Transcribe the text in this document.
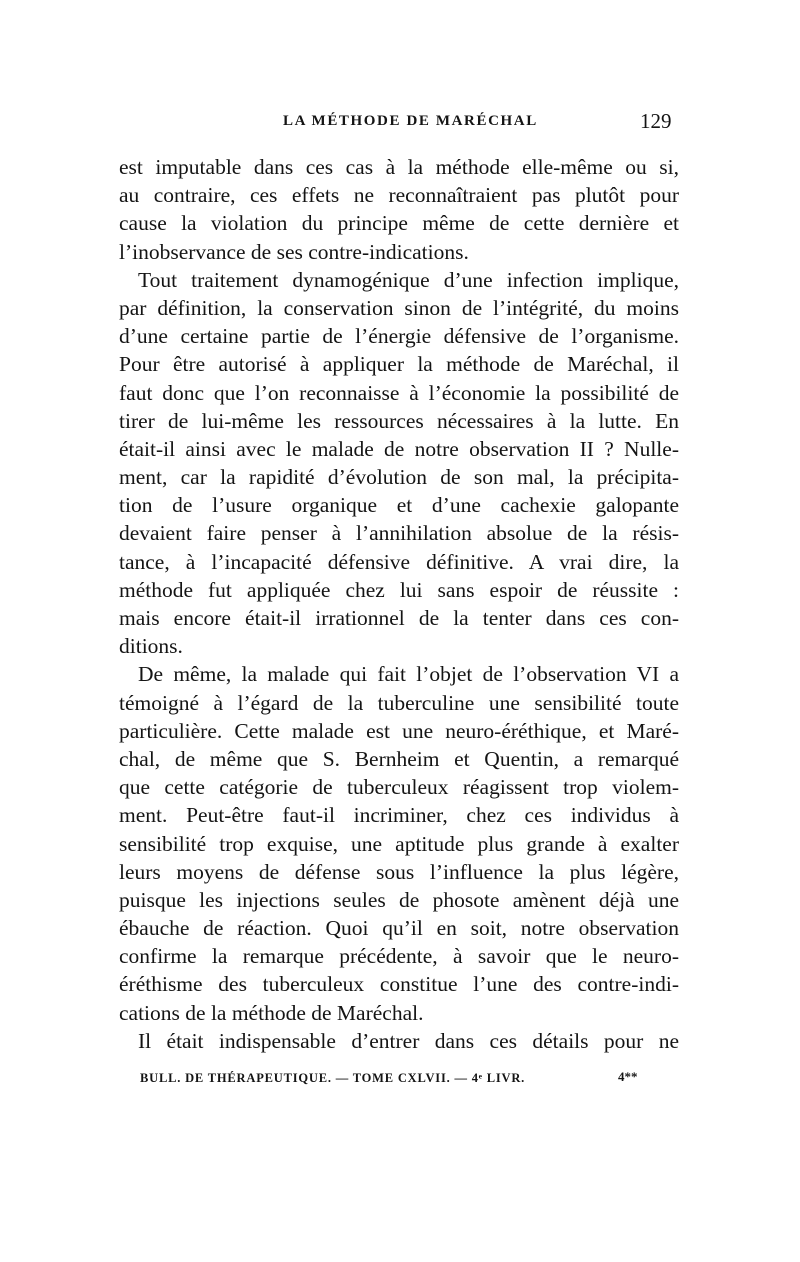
LA MÉTHODE DE MARÉCHAL	129
est imputable dans ces cas à la méthode elle-même ou si,
au contraire, ces effets ne reconnaîtraient pas plutôt pour
cause la violation du principe même de cette dernière et
l’inobservance de ses contre-indications.
Tout traitement dynamogénique d’une infection implique,
par définition, la conservation sinon de l’intégrité, du moins
d’une certaine partie de l’énergie défensive de l’organisme.
Pour être autorisé à appliquer la méthode de Maréchal, il
faut donc que l’on reconnaisse à l’économie la possibilité de
tirer de lui-même les ressources nécessaires à la lutte. En
était-il ainsi avec le malade de notre observation II ? Nulle-
ment, car la rapidité d’évolution de son mal, la précipita-
tion de l’usure organique et d’une cachexie galopante
devaient faire penser à l’annihilation absolue de la résis-
tance, à l’incapacité défensive définitive. A vrai dire, la
méthode fut appliquée chez lui sans espoir de réussite :
mais encore était-il irrationnel de la tenter dans ces con-
ditions.
De même, la malade qui fait l’objet de l’observation VI a
témoigné à l’égard de la tuberculine une sensibilité toute
particulière. Cette malade est une neuro-éréthique, et Maré-
chal, de même que S. Bernheim et Quentin, a remarqué
que cette catégorie de tuberculeux réagissent trop violem-
ment. Peut-être faut-il incriminer, chez ces individus à
sensibilité trop exquise, une aptitude plus grande à exalter
leurs moyens de défense sous l’influence la plus légère,
puisque les injections seules de phosote amènent déjà une
ébauche de réaction. Quoi qu’il en soit, notre observation
confirme la remarque précédente, à savoir que le neuro-
éréthisme des tuberculeux constitue l’une des contre-indi-
cations de la méthode de Maréchal.
Il était indispensable d’entrer dans ces détails pour ne
BULL. DE THÉRAPEUTIQUE. — TOME CXLVII. — 4ᵉ LIVR.	4**
